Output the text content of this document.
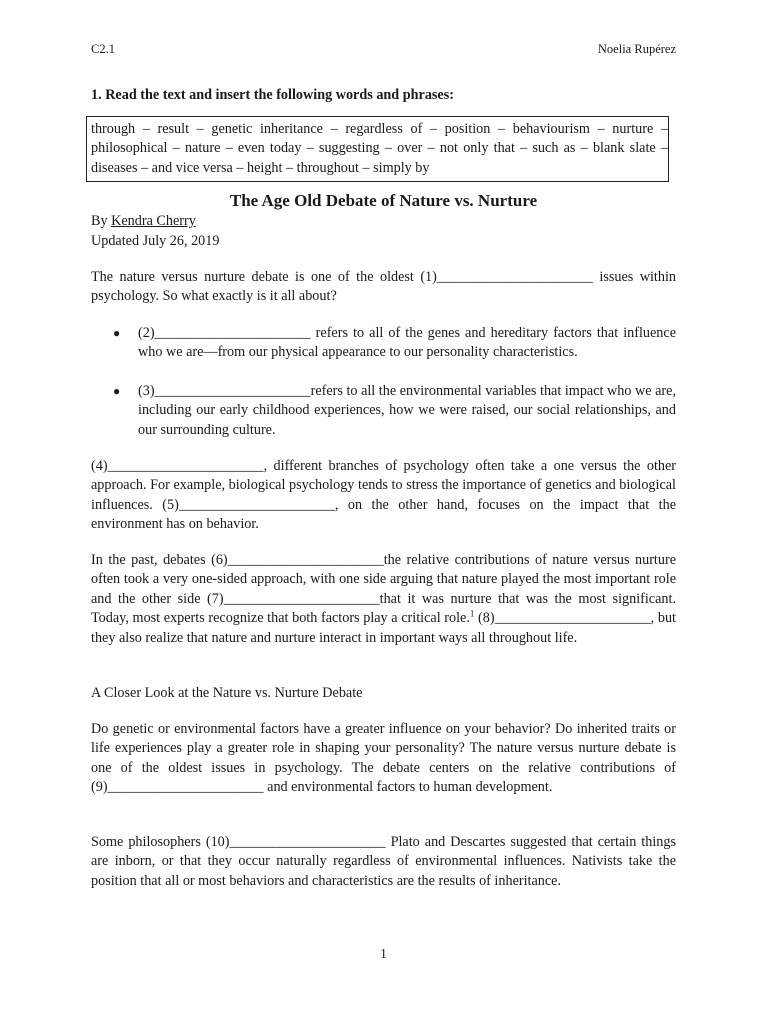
C2.1	Noelia Rupérez
1. Read the text and insert the following words and phrases:
through – result – genetic inheritance – regardless of – position – behaviourism – nurture – philosophical – nature – even today – suggesting – over – not only that – such as – blank slate – diseases – and vice versa – height – throughout – simply by
The Age Old Debate of Nature vs. Nurture
By Kendra Cherry
Updated July 26, 2019

The nature versus nurture debate is one of the oldest (1)______________________ issues within psychology. So what exactly is it all about?

● (2)______________________ refers to all of the genes and hereditary factors that influence who we are—from our physical appearance to our personality characteristics.
● (3)______________________refers to all the environmental variables that impact who we are, including our early childhood experiences, how we were raised, our social relationships, and our surrounding culture.

(4)______________________, different branches of psychology often take a one versus the other approach. For example, biological psychology tends to stress the importance of genetics and biological influences. (5)______________________, on the other hand, focuses on the impact that the environment has on behavior.

In the past, debates (6)______________________the relative contributions of nature versus nurture often took a very one-sided approach, with one side arguing that nature played the most important role and the other side (7)______________________that it was nurture that was the most significant. Today, most experts recognize that both factors play a critical role.$^1$ (8)______________________, but they also realize that nature and nurture interact in important ways all throughout life.

A Closer Look at the Nature vs. Nurture Debate

Do genetic or environmental factors have a greater influence on your behavior? Do inherited traits or life experiences play a greater role in shaping your personality? The nature versus nurture debate is one of the oldest issues in psychology. The debate centers on the relative contributions of (9)______________________ and environmental factors to human development.

Some philosophers (10)______________________ Plato and Descartes suggested that certain things are inborn, or that they occur naturally regardless of environmental influences. Nativists take the position that all or most behaviors and characteristics are the results of inheritance.

1
